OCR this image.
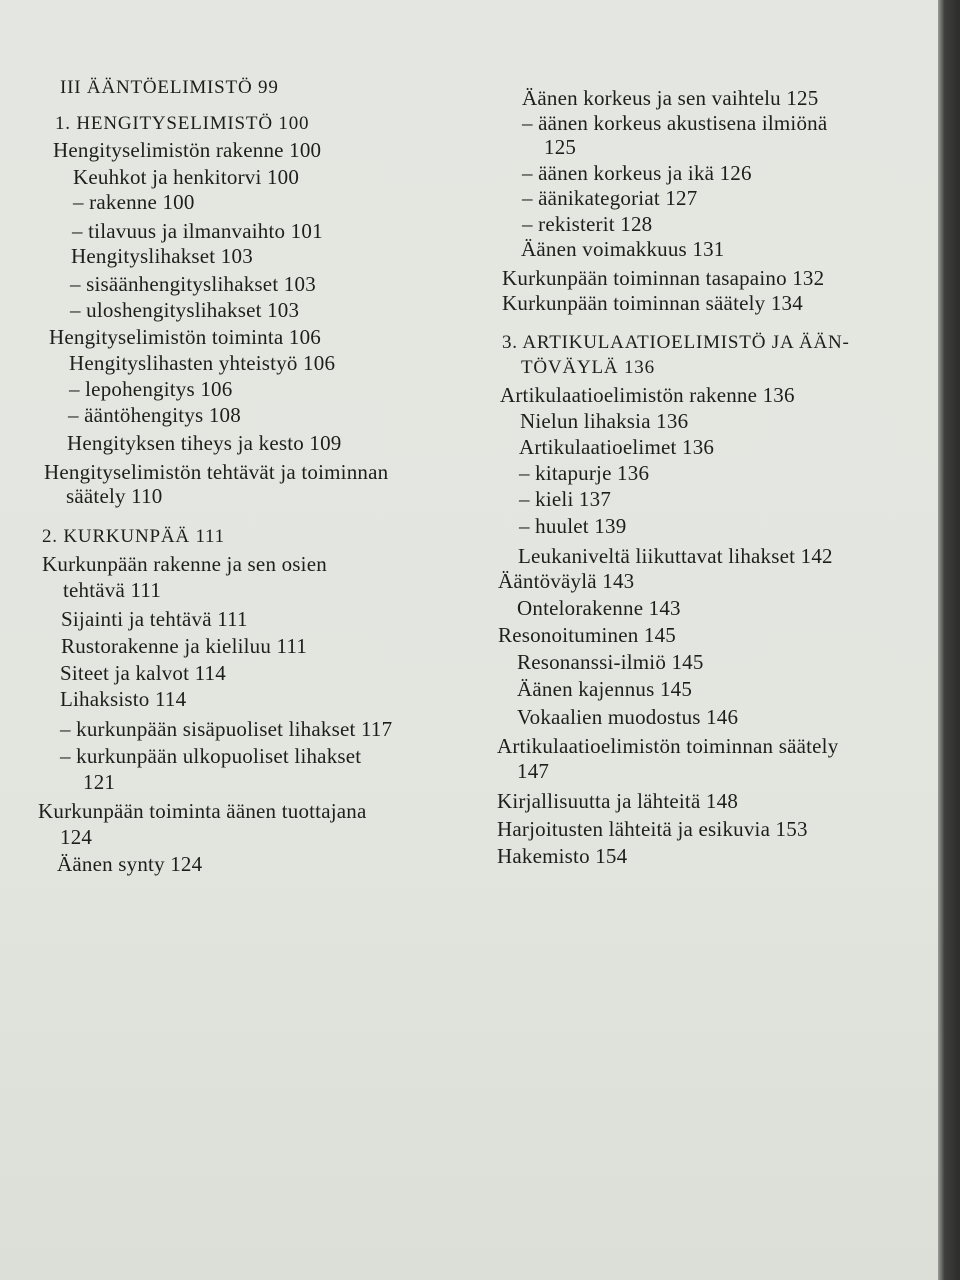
III ÄÄNTÖELIMISTÖ 99
1. HENGITYSELIMISTÖ 100
Hengityselimistön rakenne 100
Keuhkot ja henkitorvi 100
– rakenne 100
– tilavuus ja ilmanvaihto 101
Hengityslihakset 103
– sisäänhengityslihakset 103
– uloshengityslihakset 103
Hengityselimistön toiminta 106
Hengityslihasten yhteistyö 106
– lepohengitys 106
– ääntöhengitys 108
Hengityksen tiheys ja kesto 109
Hengityselimistön tehtävät ja toiminnan
säätely 110
2. KURKUNPÄÄ 111
Kurkunpään rakenne ja sen osien
tehtävä 111
Sijainti ja tehtävä 111
Rustorakenne ja kieliluu 111
Siteet ja kalvot 114
Lihaksisto 114
– kurkunpään sisäpuoliset lihakset 117
– kurkunpään ulkopuoliset lihakset
121
Kurkunpään toiminta äänen tuottajana
124
Äänen synty 124
Äänen korkeus ja sen vaihtelu 125
– äänen korkeus akustisena ilmiönä
125
– äänen korkeus ja ikä 126
– äänikategoriat 127
– rekisterit 128
Äänen voimakkuus 131
Kurkunpään toiminnan tasapaino 132
Kurkunpään toiminnan säätely 134
3. ARTIKULAATIOELIMISTÖ JA ÄÄN-
TÖVÄYLÄ 136
Artikulaatioelimistön rakenne 136
Nielun lihaksia 136
Artikulaatioelimet 136
– kitapurje 136
– kieli 137
– huulet 139
Leukaniveltä liikuttavat lihakset 142
Ääntöväylä 143
Ontelorakenne 143
Resonoituminen 145
Resonanssi-ilmiö 145
Äänen kajennus 145
Vokaalien muodostus 146
Artikulaatioelimistön toiminnan säätely
147
Kirjallisuutta ja lähteitä 148
Harjoitusten lähteitä ja esikuvia 153
Hakemisto 154
